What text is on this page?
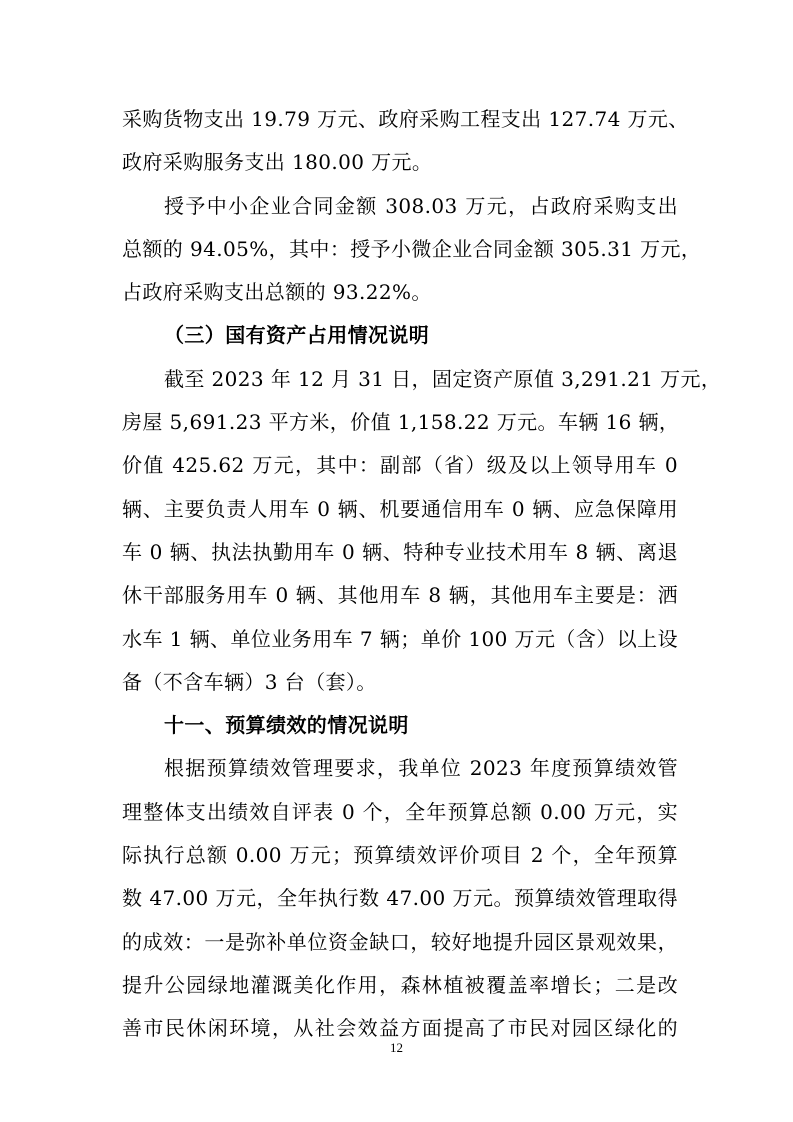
采购货物支出 19.79 万元、政府采购工程支出 127.74 万元、
政府采购服务支出 180.00 万元。
授予中小企业合同金额 308.03 万元，占政府采购支出
总额的 94.05%，其中：授予小微企业合同金额 305.31 万元，
占政府采购支出总额的 93.22%。
（三）国有资产占用情况说明
截至 2023 年 12 月 31 日，固定资产原值 3,291.21 万元，
房屋 5,691.23 平方米，价值 1,158.22 万元。车辆 16 辆，
价值 425.62 万元，其中：副部（省）级及以上领导用车 0
辆、主要负责人用车 0 辆、机要通信用车 0 辆、应急保障用
车 0 辆、执法执勤用车 0 辆、特种专业技术用车 8 辆、离退
休干部服务用车 0 辆、其他用车 8 辆，其他用车主要是：洒
水车 1 辆、单位业务用车 7 辆；单价 100 万元（含）以上设
备（不含车辆）3 台（套）。
十一、预算绩效的情况说明
根据预算绩效管理要求，我单位 2023 年度预算绩效管
理整体支出绩效自评表 0 个，全年预算总额 0.00 万元，实
际执行总额 0.00 万元；预算绩效评价项目 2 个，全年预算
数 47.00 万元，全年执行数 47.00 万元。预算绩效管理取得
的成效：一是弥补单位资金缺口，较好地提升园区景观效果，
提升公园绿地灌溉美化作用，森林植被覆盖率增长；二是改
善市民休闲环境，从社会效益方面提高了市民对园区绿化的
12
